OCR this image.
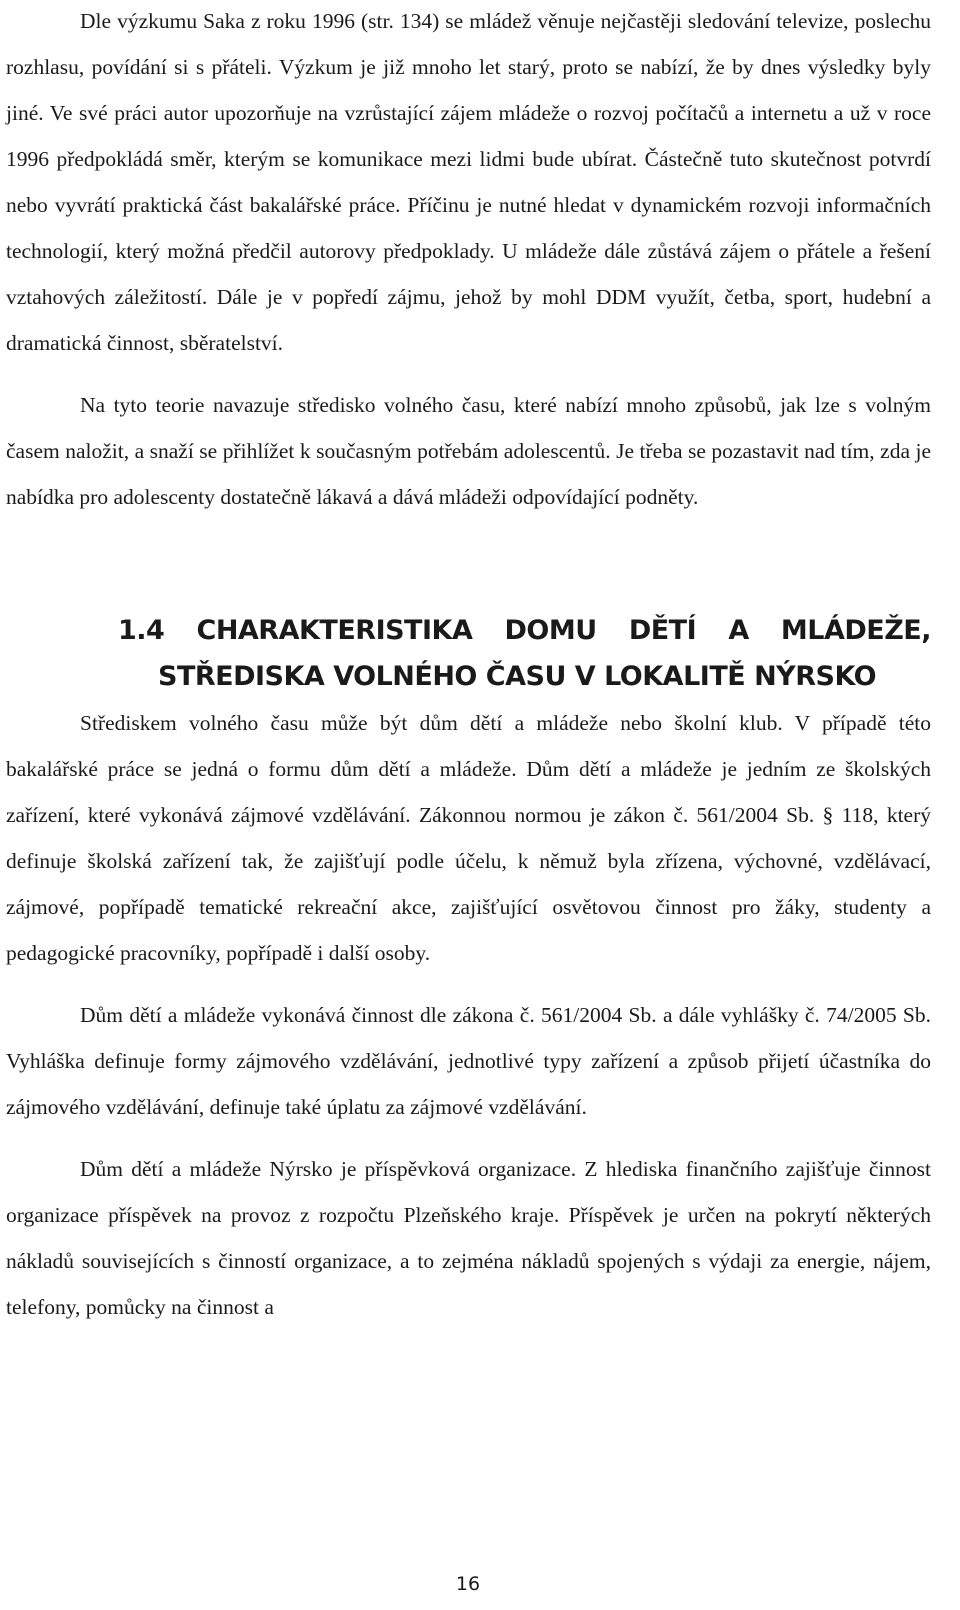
Dle výzkumu Saka z roku 1996 (str. 134) se mládež věnuje nejčastěji sledování televize, poslechu rozhlasu, povídání si s přáteli. Výzkum je již mnoho let starý, proto se nabízí, že by dnes výsledky byly jiné. Ve své práci autor upozorňuje na vzrůstající zájem mládeže o rozvoj počítačů a internetu a už v roce 1996 předpokládá směr, kterým se komunikace mezi lidmi bude ubírat. Částečně tuto skutečnost potvrdí nebo vyvrátí praktická část bakalářské práce. Příčinu je nutné hledat v dynamickém rozvoji informačních technologií, který možná předčil autorovy předpoklady. U mládeže dále zůstává zájem o přátele a řešení vztahových záležitostí. Dále je v popředí zájmu, jehož by mohl DDM využít, četba, sport, hudební a dramatická činnost, sběratelství.

Na tyto teorie navazuje středisko volného času, které nabízí mnoho způsobů, jak lze s volným časem naložit, a snaží se přihlížet k současným potřebám adolescentů. Je třeba se pozastavit nad tím, zda je nabídka pro adolescenty dostatečně lákavá a dává mládeži odpovídající podněty.

1.4 CHARAKTERISTIKA DOMU DĚTÍ A MLÁDEŽE,
STŘEDISKA VOLNÉHO ČASU V LOKALITĚ NÝRSKO

Střediskem volného času může být dům dětí a mládeže nebo školní klub. V případě této bakalářské práce se jedná o formu dům dětí a mládeže. Dům dětí a mládeže je jedním ze školských zařízení, které vykonává zájmové vzdělávání. Zákonnou normou je zákon č. 561/2004 Sb. § 118, který definuje školská zařízení tak, že zajišťují podle účelu, k němuž byla zřízena, výchovné, vzdělávací, zájmové, popřípadě tematické rekreační akce, zajišťující osvětovou činnost pro žáky, studenty a pedagogické pracovníky, popřípadě i další osoby.

Dům dětí a mládeže vykonává činnost dle zákona č. 561/2004 Sb. a dále vyhlášky č. 74/2005 Sb. Vyhláška definuje formy zájmového vzdělávání, jednotlivé typy zařízení a způsob přijetí účastníka do zájmového vzdělávání, definuje také úplatu za zájmové vzdělávání.

Dům dětí a mládeže Nýrsko je příspěvková organizace. Z hlediska finančního zajišťuje činnost organizace příspěvek na provoz z rozpočtu Plzeňského kraje. Příspěvek je určen na pokrytí některých nákladů souvisejících s činností organizace, a to zejména nákladů spojených s výdaji za energie, nájem, telefony, pomůcky na činnost a

16
